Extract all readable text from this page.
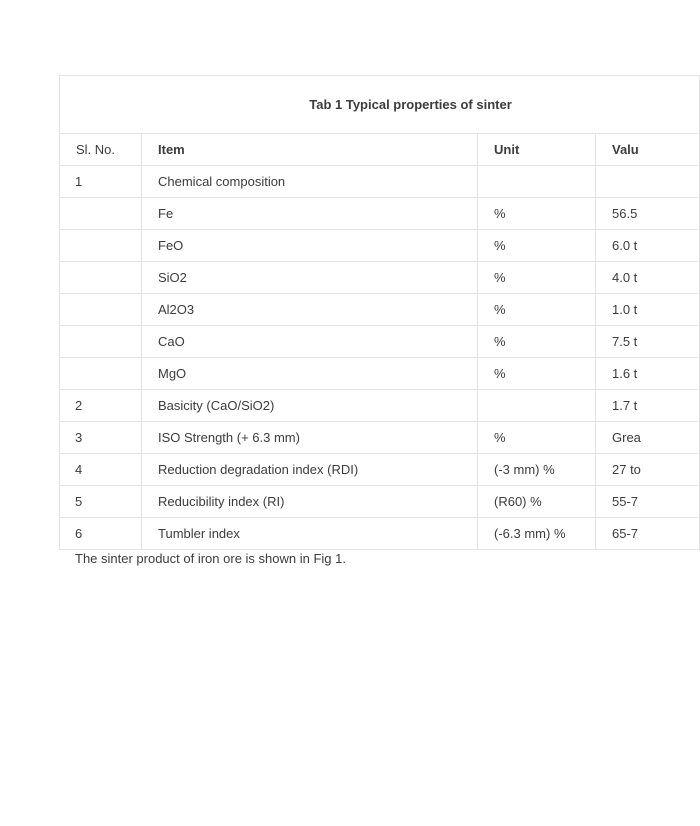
Tab 1 Typical properties of sinter			
Sl. No.	Item	Unit	Valu
1	Chemical composition		
	Fe	%	56.5
	FeO	%	6.0 t
	SiO2	%	4.0 t
	Al2O3	%	1.0 t
	CaO	%	7.5 t
	MgO	%	1.6 t
2	Basicity (CaO/SiO2)		1.7 t
3	ISO Strength (+ 6.3 mm)	%	Grea
4	Reduction degradation index (RDI)	(-3 mm) %	27 to
5	Reducibility index (RI)	(R60) %	55-7
6	Tumbler index	(-6.3 mm) %	65-7
The sinter product of iron ore is shown in Fig 1.
